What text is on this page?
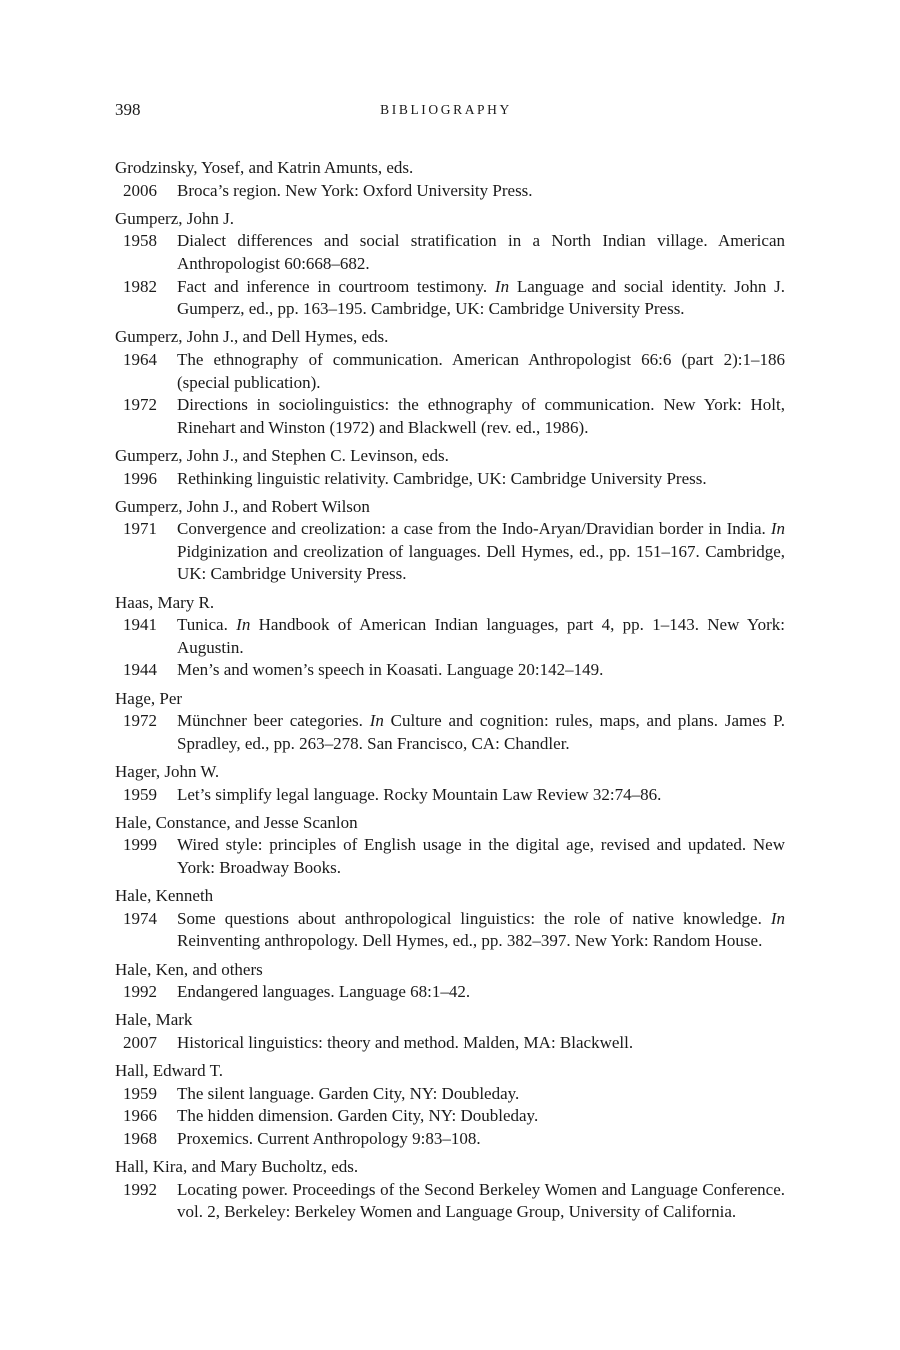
398	BIBLIOGRAPHY
Grodzinsky, Yosef, and Katrin Amunts, eds.
2006	Broca’s region. New York: Oxford University Press.
Gumperz, John J.
1958	Dialect differences and social stratification in a North Indian village. American Anthropologist 60:668–682.
1982	Fact and inference in courtroom testimony. In Language and social identity. John J. Gumperz, ed., pp. 163–195. Cambridge, UK: Cambridge University Press.
Gumperz, John J., and Dell Hymes, eds.
1964	The ethnography of communication. American Anthropologist 66:6 (part 2):1–186 (special publication).
1972	Directions in sociolinguistics: the ethnography of communication. New York: Holt, Rinehart and Winston (1972) and Blackwell (rev. ed., 1986).
Gumperz, John J., and Stephen C. Levinson, eds.
1996	Rethinking linguistic relativity. Cambridge, UK: Cambridge University Press.
Gumperz, John J., and Robert Wilson
1971	Convergence and creolization: a case from the Indo-Aryan/Dravidian border in India. In Pidginization and creolization of languages. Dell Hymes, ed., pp. 151–167. Cambridge, UK: Cambridge University Press.
Haas, Mary R.
1941	Tunica. In Handbook of American Indian languages, part 4, pp. 1–143. New York: Augustin.
1944	Men’s and women’s speech in Koasati. Language 20:142–149.
Hage, Per
1972	Münchner beer categories. In Culture and cognition: rules, maps, and plans. James P. Spradley, ed., pp. 263–278. San Francisco, CA: Chandler.
Hager, John W.
1959	Let’s simplify legal language. Rocky Mountain Law Review 32:74–86.
Hale, Constance, and Jesse Scanlon
1999	Wired style: principles of English usage in the digital age, revised and updated. New York: Broadway Books.
Hale, Kenneth
1974	Some questions about anthropological linguistics: the role of native knowledge. In Reinventing anthropology. Dell Hymes, ed., pp. 382–397. New York: Random House.
Hale, Ken, and others
1992	Endangered languages. Language 68:1–42.
Hale, Mark
2007	Historical linguistics: theory and method. Malden, MA: Blackwell.
Hall, Edward T.
1959	The silent language. Garden City, NY: Doubleday.
1966	The hidden dimension. Garden City, NY: Doubleday.
1968	Proxemics. Current Anthropology 9:83–108.
Hall, Kira, and Mary Bucholtz, eds.
1992	Locating power. Proceedings of the Second Berkeley Women and Language Conference. vol. 2, Berkeley: Berkeley Women and Language Group, University of California.
